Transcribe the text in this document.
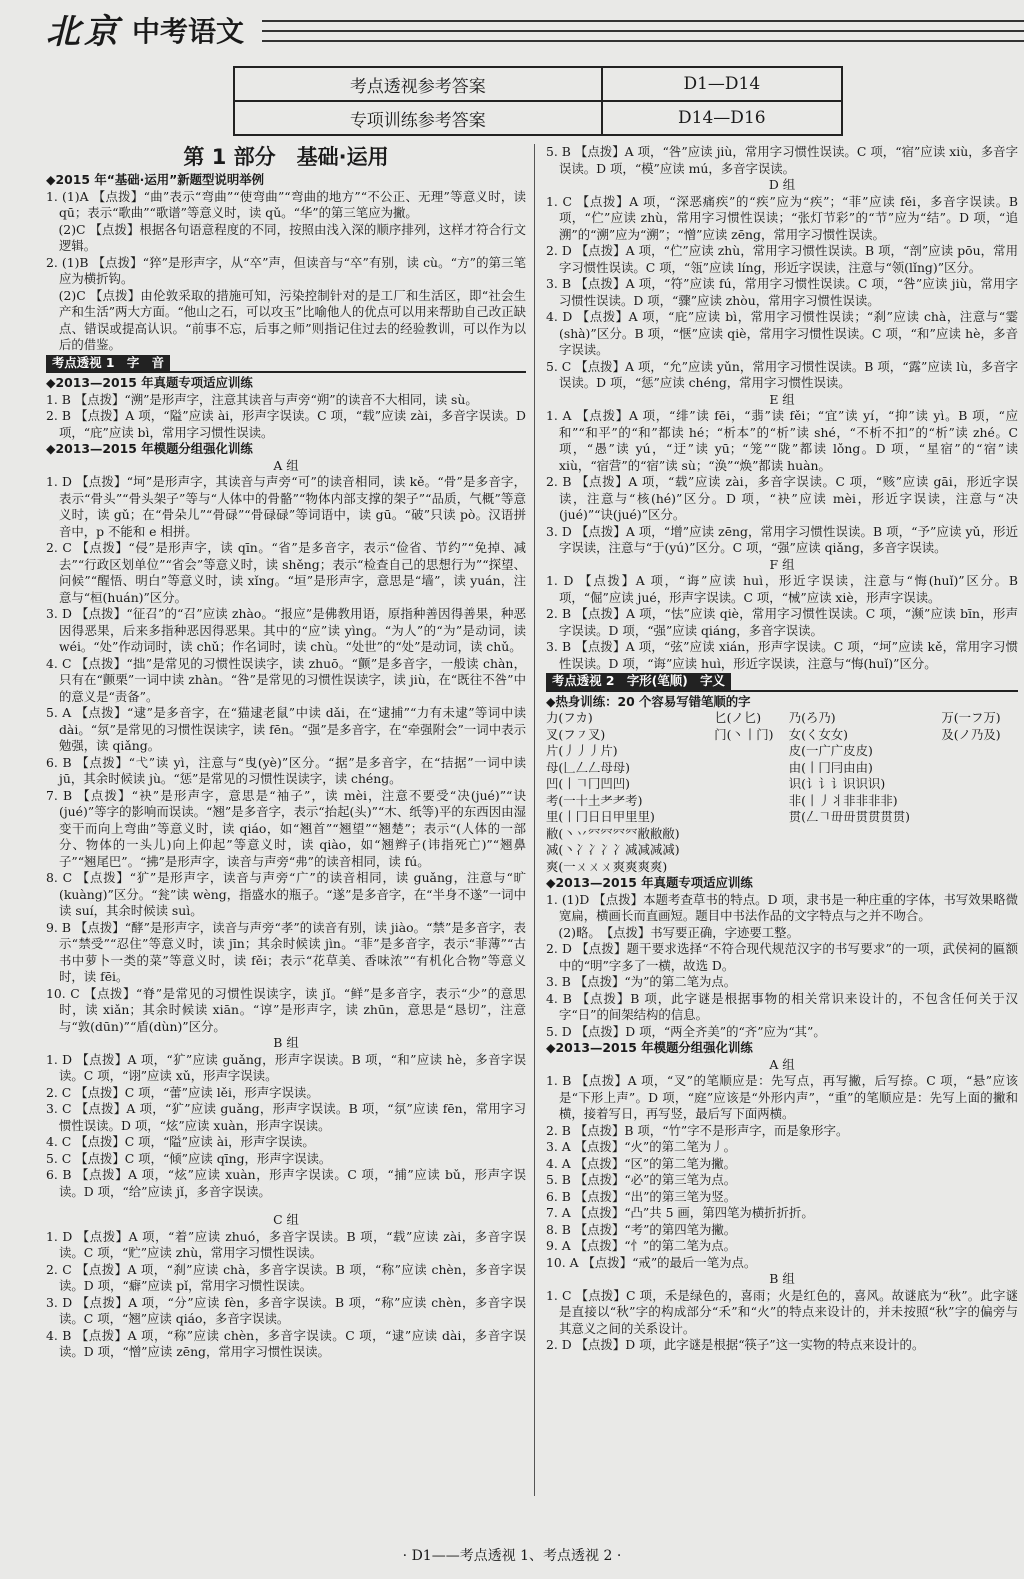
北京 中考语文
考点透视参考答案	D1—D14
专项训练参考答案	D14—D16
第 1 部分　基础·运用

◆2015 年“基础·运用”新题型说明举例

1. (1)A 【点拨】“曲”表示“弯曲”“使弯曲”“弯曲的地方”“不公正、无理”等意义时，读 qū；表示“歌曲”“歌谱”等意义时，读 qǔ。“华”的第三笔应为撇。

　(2)C 【点拨】根据各句语意程度的不同，按照由浅入深的顺序排列，这样才符合行文逻辑。

2. (1)B 【点拨】“猝”是形声字，从“卒”声，但读音与“卒”有别，读 cù。“方”的第三笔应为横折钩。

　(2)C 【点拨】由伦敦采取的措施可知，污染控制针对的是工厂和生活区，即“社会生产和生活”两大方面。“他山之石，可以攻玉”比喻他人的优点可以用来帮助自己改正缺点、错误或提高认识。“前事不忘，后事之师”则指记住过去的经验教训，可以作为以后的借鉴。

考点透视 1　字　音

◆2013—2015 年真题专项适应训练

1. B 【点拨】“溯”是形声字，注意其读音与声旁“朔”的读音不大相同，读 sù。

2. B 【点拨】A 项，“隘”应读 ài，形声字误读。C 项，“载”应读 zài，多音字误读。D 项，“庇”应读 bì，常用字习惯性误读。

◆2013—2015 年模题分组强化训练

A 组

1. D 【点拨】“坷”是形声字，其读音与声旁“可”的读音相同，读 kě。“骨”是多音字，表示“骨头”“骨头架子”等与“人体中的骨骼”“物体内部支撑的架子”“品质，气概”等意义时，读 gǔ；在“骨朵儿”“骨碌”“骨碌碌”等词语中，读 gū。“破”只读 pò。汉语拼音中，p 不能和 e 相拼。

2. C 【点拨】“侵”是形声字，读 qīn。“省”是多音字，表示“俭省、节约”“免掉、减去”“行政区划单位”“省会”等意义时，读 shěng；表示“检查自己的思想行为”“探望、问候”“醒悟、明白”等意义时，读 xǐng。“垣”是形声字，意思是“墙”，读 yuán，注意与“桓(huán)”区分。

3. D 【点拨】“征召”的“召”应读 zhào。“报应”是佛教用语，原指种善因得善果，种恶因得恶果，后来多指种恶因得恶果。其中的“应”读 yìng。“为人”的“为”是动词，读 wéi。“处”作动词时，读 chǔ；作名词时，读 chù。“处世”的“处”是动词，读 chǔ。

4. C 【点拨】“拙”是常见的习惯性误读字，读 zhuō。“颤”是多音字，一般读 chàn，只有在“颤栗”一词中读 zhàn。“咎”是常见的习惯性误读字，读 jiù，在“既往不咎”中的意义是“责备”。

5. A 【点拨】“逮”是多音字，在“猫逮老鼠”中读 dǎi，在“逮捕”“力有未逮”等词中读 dài。“氛”是常见的习惯性误读字，读 fēn。“强”是多音字，在“牵强附会”一词中表示勉强，读 qiǎng。

6. B 【点拨】“弋”读 yì，注意与“曳(yè)”区分。“据”是多音字，在“拮据”一词中读 jū，其余时候读 jù。“惩”是常见的习惯性误读字，读 chéng。

7. B 【点拨】“袂”是形声字，意思是“袖子”，读 mèi，注意不要受“决(jué)”“诀(jué)”等字的影响而误读。“翘”是多音字，表示“抬起(头)”“木、纸等)平的东西因由湿变干而向上弯曲”等意义时，读 qiáo，如“翘首”“翘望”“翘楚”；表示“(人体的一部分、物体的一头儿)向上仰起”等意义时，读 qiào，如“翘辫子(讳指死亡)”“翘鼻子”“翘尾巴”。“拂”是形声字，读音与声旁“弗”的读音相同，读 fú。

8. C 【点拨】“犷”是形声字，读音与声旁“广”的读音相同，读 guǎng，注意与“旷(kuàng)”区分。“瓮”读 wèng，指盛水的瓶子。“遂”是多音字，在“半身不遂”一词中读 suí，其余时候读 suì。

9. B 【点拨】“酵”是形声字，读音与声旁“孝”的读音有别，读 jiào。“禁”是多音字，表示“禁受”“忍住”等意义时，读 jīn；其余时候读 jìn。“菲”是多音字，表示“菲薄”“古书中萝卜一类的菜”等意义时，读 fěi；表示“花草美、香味浓”“有机化合物”等意义时，读 fēi。

10. C 【点拨】“脊”是常见的习惯性误读字，读 jǐ。“鲜”是多音字，表示“少”的意思时，读 xiǎn；其余时候读 xiān。“谆”是形声字，读 zhūn，意思是“恳切”，注意与“敦(dūn)”“盾(dùn)”区分。

B 组

1. D 【点拨】A 项，“犷”应读 guǎng，形声字误读。B 项，“和”应读 hè，多音字误读。C 项，“诩”应读 xǔ，形声字误读。

2. C 【点拨】C 项，“蕾”应读 lěi，形声字误读。

3. C 【点拨】A 项，“犷”应读 guǎng，形声字误读。B 项，“氛”应读 fēn，常用字习惯性误读。D 项，“炫”应读 xuàn，形声字误读。

4. C 【点拨】C 项，“隘”应读 ài，形声字误读。

5. C 【点拨】C 项，“倾”应读 qīng，形声字误读。

6. B 【点拨】A 项，“炫”应读 xuàn，形声字误读。C 项，“捕”应读 bǔ，形声字误读。D 项，“给”应读 jǐ，多音字误读。

C 组

1. D 【点拨】A 项，“着”应读 zhuó，多音字误读。B 项，“载”应读 zài，多音字误读。C 项，“贮”应读 zhù，常用字习惯性误读。

2. C 【点拨】A 项，“刹”应读 chà，多音字误读。B 项，“称”应读 chèn，多音字误读。D 项，“癖”应读 pǐ，常用字习惯性误读。

3. D 【点拨】A 项，“分”应读 fèn，多音字误读。B 项，“称”应读 chèn，多音字误读。C 项，“翘”应读 qiáo，多音字误读。

4. B 【点拨】A 项，“称”应读 chèn，多音字误读。C 项，“逮”应读 dài，多音字误读。D 项，“憎”应读 zēng，常用字习惯性误读。

5. B 【点拨】A 项，“咎”应读 jiù，常用字习惯性误读。C 项，“宿”应读 xiù，多音字误读。D 项，“模”应读 mú，多音字误读。

D 组

1. C 【点拨】A 项，“深恶痛疾”的“疾”应为“疾”；“菲”应读 fěi，多音字误读。B 项，“伫”应读 zhù，常用字习惯性误读；“张灯节彩”的“节”应为“结”。D 项，“追溯”的“溯”应为“溯”；“憎”应读 zēng，常用字习惯性误读。

2. D 【点拨】A 项，“伫”应读 zhù，常用字习惯性误读。B 项，“剖”应读 pōu，常用字习惯性误读。C 项，“瓴”应读 líng，形近字误读，注意与“领(lǐng)”区分。

3. B 【点拨】A 项，“符”应读 fú，常用字习惯性误读。C 项，“咎”应读 jiù，常用字习惯性误读。D 项，“骤”应读 zhòu，常用字习惯性误读。

4. D 【点拨】A 项，“庇”应读 bì，常用字习惯性误读；“刹”应读 chà，注意与“霎(shà)”区分。B 项，“惬”应读 qiè，常用字习惯性误读。C 项，“和”应读 hè，多音字误读。

5. C 【点拨】A 项，“允”应读 yǔn，常用字习惯性误读。B 项，“露”应读 lù，多音字误读。D 项，“惩”应读 chéng，常用字习惯性误读。

E 组

1. A 【点拨】A 项，“绯”读 fēi，“翡”读 fěi；“宜”读 yí，“抑”读 yì。B 项，“应和”“和平”的“和”都读 hé；“析本”的“析”读 shé，“不析不扣”的“析”读 zhé。C 项，“愚”读 yú，“迂”读 yū；“笼”“陇”都读 lǒng。D 项，“星宿”的“宿”读 xiù，“宿营”的“宿”读 sù；“涣”“焕”都读 huàn。

2. B 【点拨】A 项，“载”应读 zài，多音字误读。C 项，“赅”应读 gāi，形近字误读，注意与“核(hé)”区分。D 项，“袂”应读 mèi，形近字误读，注意与“决(jué)”“诀(jué)”区分。

3. D 【点拨】A 项，“增”应读 zēng，常用字习惯性误读。B 项，“予”应读 yǔ，形近字误读，注意与“于(yú)”区分。C 项，“强”应读 qiǎng，多音字误读。

F 组

1. D 【点拨】A 项，“诲”应读 huì，形近字误读，注意与“悔(huǐ)”区分。B 项，“倔”应读 jué，形声字误读。C 项，“械”应读 xiè，形声字误读。

2. B 【点拨】A 项，“怯”应读 qiè，常用字习惯性误读。C 项，“濒”应读 bīn，形声字误读。D 项，“强”应读 qiáng，多音字误读。

3. B 【点拨】A 项，“弦”应读 xián，形声字误读。C 项，“坷”应读 kě，常用字习惯性误读。D 项，“诲”应读 huì，形近字误读，注意与“悔(huǐ)”区分。

考点透视 2　字形(笔顺)　字义

◆热身训练：20 个容易写错笔顺的字

力(フカ)	匕(ノ匕)	乃(ろ乃)	万(一フ万)
叉(フ㇇叉)	门(丶丨门)	女(く女女)	及(ノ乃及)
片(丿丿丿片)		皮(一广广皮皮)	
母(𠃊𠃋𠃋母母)		由(丨冂冃由由)	
凹(丨𠃍冂凹凹)		识(讠讠讠识识识)	
考(一十土耂耂考)		非(丨丿丬非非非非)	
里(丨冂日日甲里里)		贯(𠃋𠃍毌毌贯贯贯贯)	
敝(丶丷㓁㓁㓁㓁敝敝敝)			
减(丶冫冫冫冫减减减减)			
爽(一ㄨㄨㄨ爽爽爽爽)			

◆2013—2015 年真题专项适应训练

1. (1)D 【点拨】本题考查草书的特点。D 项，隶书是一种庄重的字体，书写效果略微宽扁，横画长而直画短。题目中书法作品的文字特点与之并不吻合。

　(2)略。　【点拨】书写要正确，字迹要工整。

2. D 【点拨】题干要求选择“不符合现代规范汉字的书写要求”的一项，武侯祠的匾额中的“明”字多了一横，故选 D。

3. B 【点拨】“为”的第二笔为点。

4. B 【点拨】B 项，此字谜是根据事物的相关常识来设计的，不包含任何关于汉字“日”的间架结构的信息。

5. D 【点拨】D 项，“两全齐美”的“齐”应为“其”。

◆2013—2015 年模题分组强化训练

A 组

1. B 【点拨】A 项，“叉”的笔顺应是：先写点，再写撇，后写捺。C 项，“悬”应该是“下形上声”。D 项，“庭”应该是“外形内声”，“重”的笔顺应是：先写上面的撇和横，接着写日，再写竖，最后写下面两横。

2. B 【点拨】B 项，“竹”字不是形声字，而是象形字。

3. A 【点拨】“火”的第二笔为丿。

4. A 【点拨】“区”的第二笔为撇。

5. B 【点拨】“必”的第三笔为点。

6. B 【点拨】“出”的第三笔为竖。

7. A 【点拨】“凸”共 5 画，第四笔为横折折折。

8. B 【点拨】“考”的第四笔为撇。

9. A 【点拨】“忄”的第二笔为点。

10. A 【点拨】“戒”的最后一笔为点。

B 组

1. C 【点拨】C 项，禾是绿色的，喜雨；火是红色的，喜风。故谜底为“秋”。此字谜是直接以“秋”字的构成部分“禾”和“火”的特点来设计的，并未按照“秋”字的偏旁与其意义之间的关系设计。

2. D 【点拨】D 项，此字谜是根据“筷子”这一实物的特点来设计的。

· D1——考点透视 1、考点透视 2 ·
